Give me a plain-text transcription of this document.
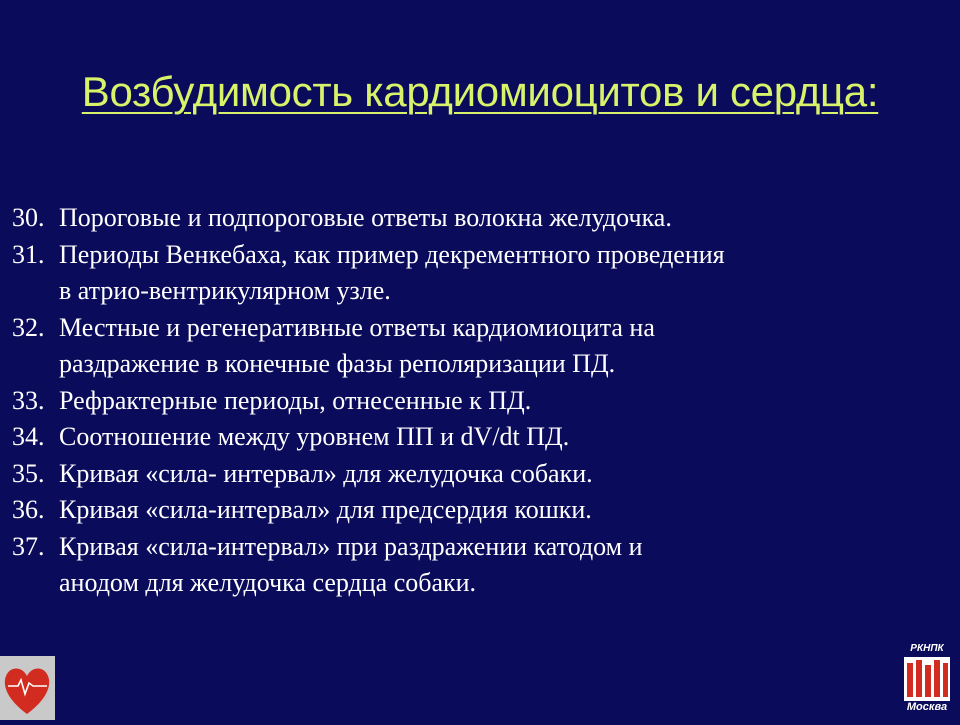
Возбудимость кардиомиоцитов и сердца:
30. Пороговые и подпороговые ответы волокна желудочка.
31. Периоды Венкебаха, как пример декрементного проведения
в атрио-вентрикулярном узле.
32. Местные и регенеративные ответы кардиомиоцита на
раздражение в конечные фазы реполяризации ПД.
33. Рефрактерные периоды, отнесенные к ПД.
34. Соотношение между уровнем ПП и dV/dt ПД.
35. Кривая «сила- интервал» для желудочка собаки.
36. Кривая «сила-интервал» для предсердия кошки.
37. Кривая «сила-интервал» при раздражении катодом и
анодом для желудочка сердца собаки.
РКНПК
Москва
